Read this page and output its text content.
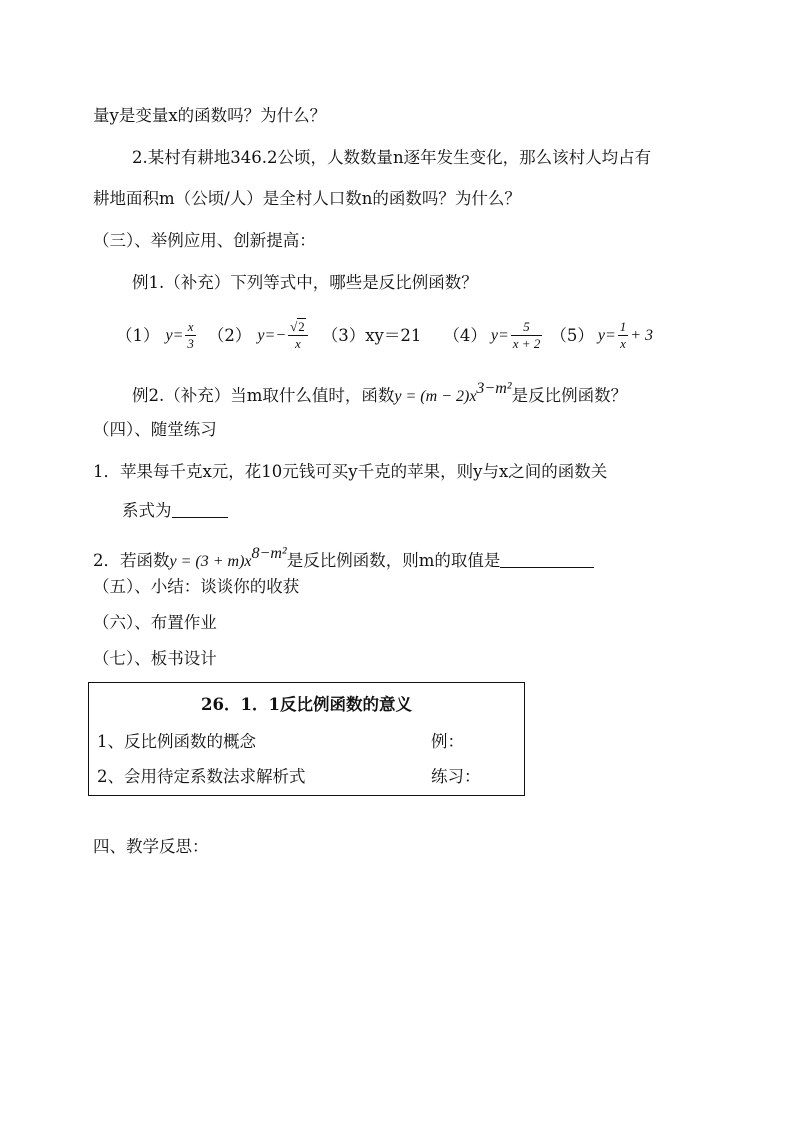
量y是变量x的函数吗？为什么？
2.某村有耕地346.2公顷，人数数量n逐年发生变化，那么该村人均占有
耕地面积m（公顷/人）是全村人口数n的函数吗？为什么？
（三）、举例应用、创新提高：
例1.（补充）下列等式中，哪些是反比例函数？
（1） $y = \frac{x}{3} (2) y$ = − $\frac{√2}{x} (3)xy=21$ （4） $y = \frac{5}{x + 2} (5) y = \frac{1}{x} + 3$
例2.（补充）当m取什么值时，函数$y = (m - 2)x^{3-m^2}$是反比例函数？
（四）、随堂练习
1．苹果每千克x元，花10元钱可买y千克的苹果，则y与x之间的函数关
系式为
2．若函数$y = (3 + m)x^{8-m^2}$是反比例函数，则m的取值是
（五）、小结：谈谈你的收获
（六）、布置作业
（七）、板书设计
26．1．1反比例函数的意义
1、反比例函数的概念	例：
2、会用待定系数法求解析式	练习：
四、教学反思：
